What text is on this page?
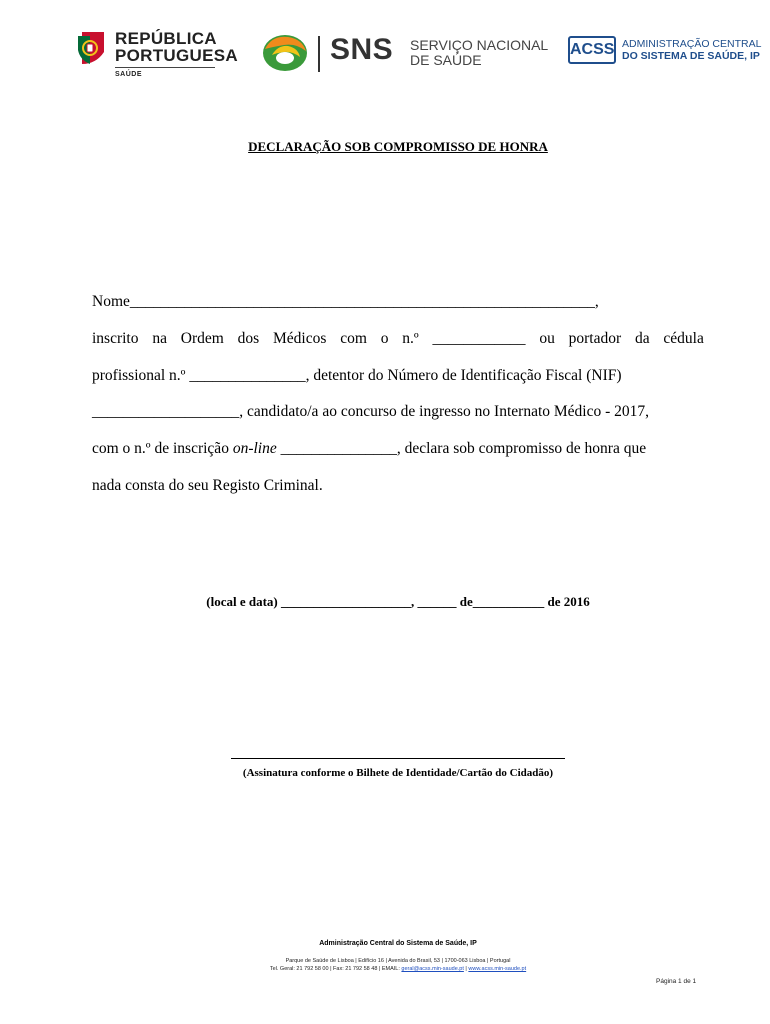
REPÚBLICA
PORTUGUESA
SAÚDE
SNS SERVIÇO NACIONAL
DE SAÚDE
ACSS ADMINISTRAÇÃO CENTRAL
DO SISTEMA DE SAÚDE, IP
DECLARAÇÃO SOB COMPROMISSO DE HONRA
Nome____________________________________________________________,
inscrito na Ordem dos Médicos com o n.º ____________ ou portador da cédula
profissional n.º _______________, detentor do Número de Identificação Fiscal (NIF)
___________________, candidato/a ao concurso de ingresso no Internato Médico - 2017,
com o n.º de inscrição on-line _______________, declara sob compromisso de honra que
nada consta do seu Registo Criminal.
(local e data) ____________________, ______ de___________ de 2016
(Assinatura conforme o Bilhete de Identidade/Cartão do Cidadão)
Administração Central do Sistema de Saúde, IP
Parque de Saúde de Lisboa | Edifício 16 | Avenida do Brasil, 53 | 1700-063 Lisboa | Portugal
Tel. Geral: 21 792 58 00 | Fax: 21 792 58 48 | EMAIL: geral@acss.min-saude.pt | www.acss.min-saude.pt
Página 1 de 1
